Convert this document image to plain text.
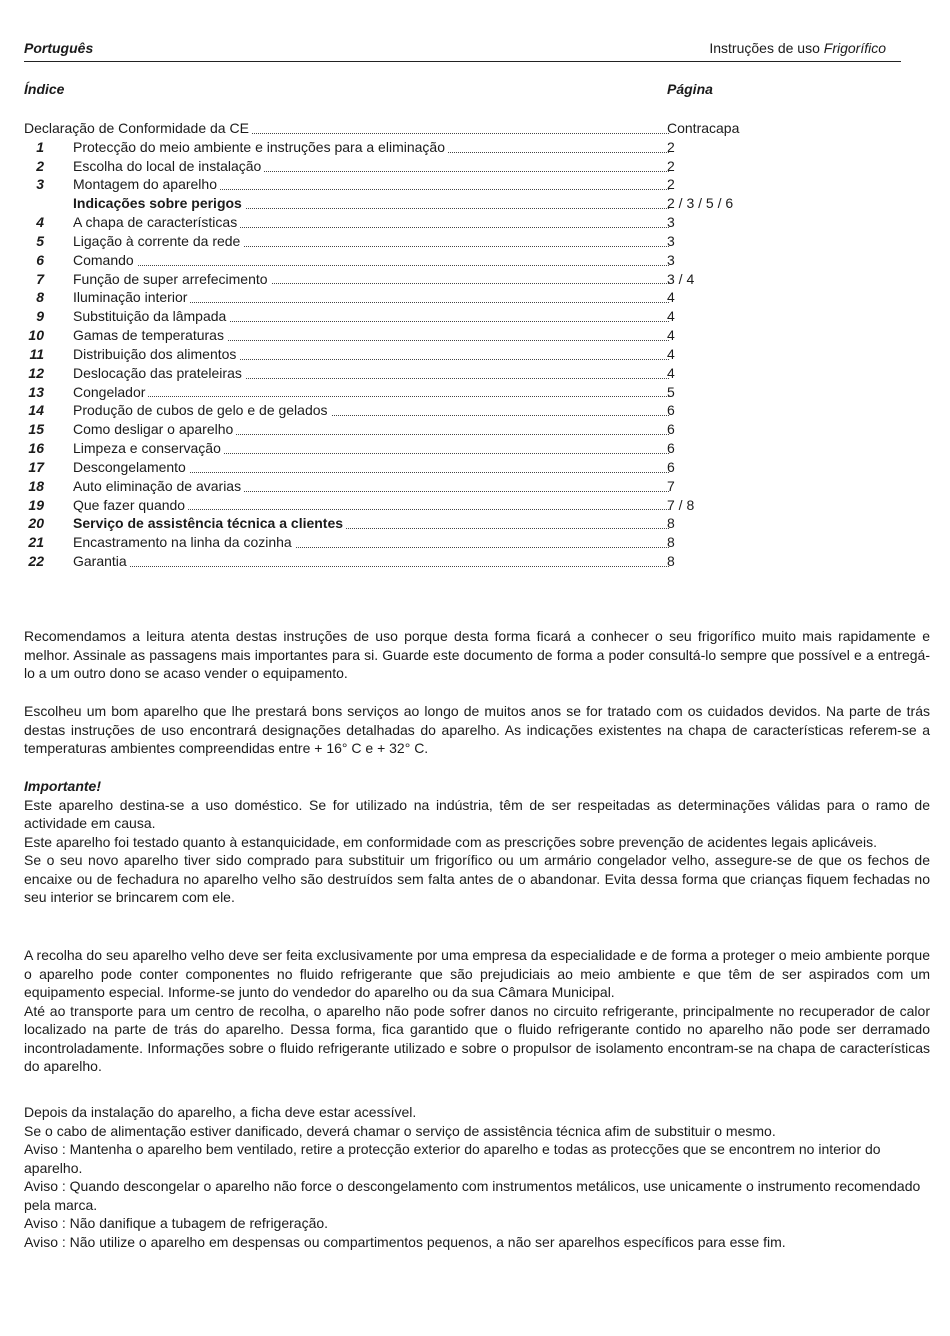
Português	Instruções de uso Frigorífico
Índice	Página
Declaração de Conformidade da CE	Contracapa
1 Protecção do meio ambiente e instruções para a eliminação	2
2 Escolha do local de instalação	2
3 Montagem do aparelho	2
Indicações sobre perigos	2 / 3 / 5 / 6
4 A chapa de características	3
5 Ligação à corrente da rede	3
6 Comando	3
7 Função de super arrefecimento	3 / 4
8 Iluminação interior	4
9 Substituição da lâmpada	4
10 Gamas de temperaturas	4
11 Distribuição dos alimentos	4
12 Deslocação das prateleiras	4
13 Congelador	5
14 Produção de cubos de gelo e de gelados	6
15 Como desligar o aparelho	6
16 Limpeza e conservação	6
17 Descongelamento	6
18 Auto eliminação de avarias	7
19 Que fazer quando	7 / 8
20 Serviço de assistência técnica a clientes	8
21 Encastramento na linha da cozinha	8
22 Garantia	8

Recomendamos a leitura atenta destas instruções de uso porque desta forma ficará a conhecer o seu frigorífico muito mais rapidamente e melhor. Assinale as passagens mais importantes para si. Guarde este documento de forma a poder consultá-lo sempre que possível e a entregá-lo a um outro dono se acaso vender o equipamento.

Escolheu um bom aparelho que lhe prestará bons serviços ao longo de muitos anos se for tratado com os cuidados devidos. Na parte de trás destas instruções de uso encontrará designações detalhadas do aparelho. As indicações existentes na chapa de características referem-se a temperaturas ambientes compreendidas entre + 16° C e + 32° C.

Importante!
Este aparelho destina-se a uso doméstico. Se for utilizado na indústria, têm de ser respeitadas as determinações válidas para o ramo de actividade em causa.
Este aparelho foi testado quanto à estanquicidade, em conformidade com as prescrições sobre prevenção de acidentes legais aplicáveis.
Se o seu novo aparelho tiver sido comprado para substituir um frigorífico ou um armário congelador velho, assegure-se de que os fechos de encaixe ou de fechadura no aparelho velho são destruídos sem falta antes de o abandonar. Evita dessa forma que crianças fiquem fechadas no seu interior se brincarem com ele.
A recolha do seu aparelho velho deve ser feita exclusivamente por uma empresa da especialidade e de forma a proteger o meio ambiente porque o aparelho pode conter componentes no fluido refrigerante que são prejudiciais ao meio ambiente e que têm de ser aspirados com um equipamento especial. Informe-se junto do vendedor do aparelho ou da sua Câmara Municipal.
Até ao transporte para um centro de recolha, o aparelho não pode sofrer danos no circuito refrigerante, principalmente no recuperador de calor localizado na parte de trás do aparelho. Dessa forma, fica garantido que o fluido refrigerante contido no aparelho não pode ser derramado incontroladamente. Informações sobre o fluido refrigerante utilizado e sobre o propulsor de isolamento encontram-se na chapa de características do aparelho.
Depois da instalação do aparelho, a ficha deve estar acessível.
Se o cabo de alimentação estiver danificado, deverá chamar o serviço de assistência técnica afim de substituir o mesmo.
Aviso : Mantenha o aparelho bem ventilado, retire a protecção exterior do aparelho e todas as protecções que se encontrem no interior do aparelho.
Aviso : Quando descongelar o aparelho não force o descongelamento com instrumentos metálicos, use unicamente o instrumento recomendado pela marca.
Aviso : Não danifique a tubagem de refrigeração.
Aviso : Não utilize o aparelho em despensas ou compartimentos pequenos, a não ser aparelhos específicos para esse fim.
